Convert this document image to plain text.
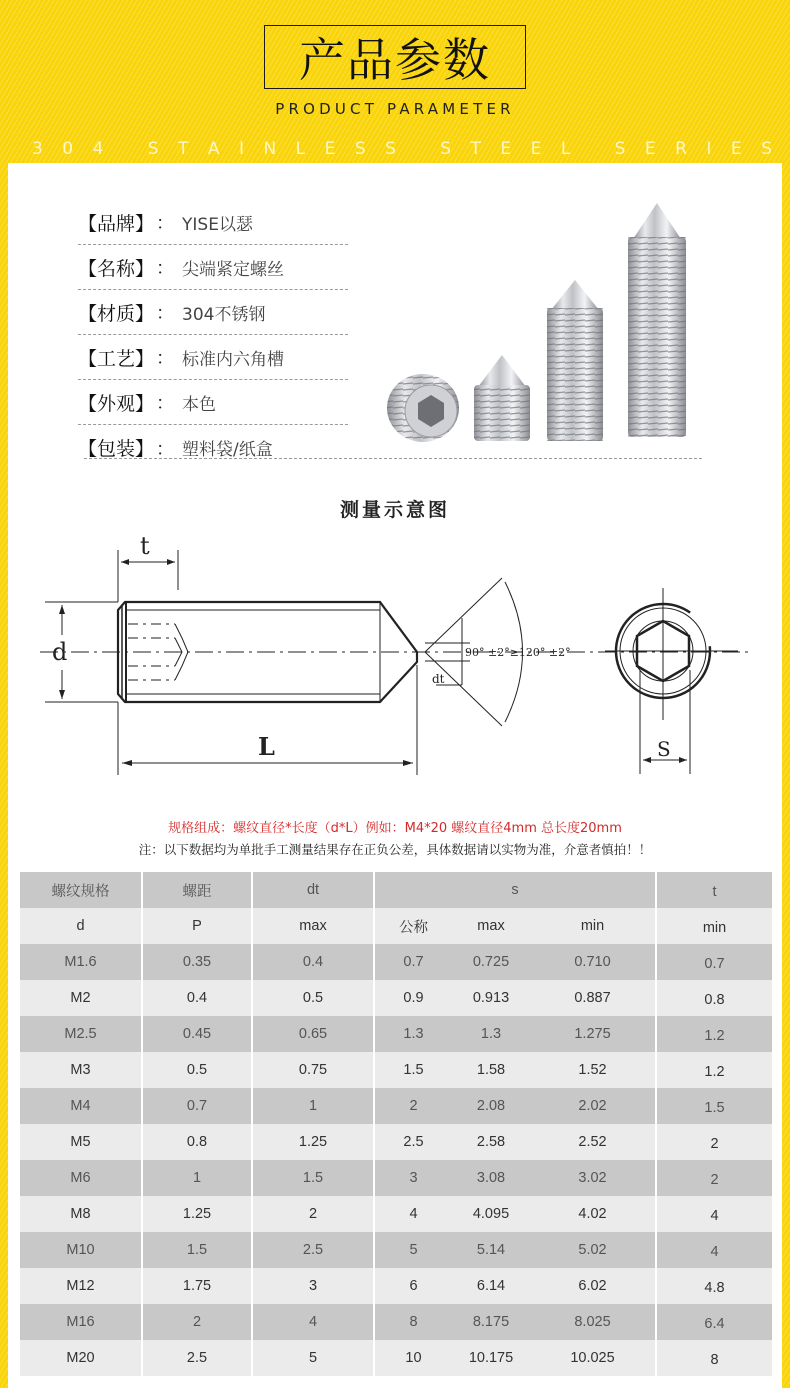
产品参数
PRODUCT PARAMETER
3 0 4
	S T A I N L E S S
	S T E E L
	S E R I E S
【品牌】 ： YISE以瑟
【名称】 ： 尖端紧定螺丝
【材质】 ： 304不锈钢
【工艺】 ： 标准内六角槽
【外观】 ： 本色
【包装】 ： 塑料袋/纸盒
测量示意图
t
d
L
dt
90° ±2°≥120° ±2°
S
规格组成：螺纹直径*长度（d*L）例如：M4*20 螺纹直径4mm 总长度20mm
注：以下数据均为单批手工测量结果存在正负公差，具体数据请以实物为准，介意者慎拍！！
螺纹规格	螺距	dt	s			t
d	P	max	公称	max	min	min
M1.6	0.35	0.4	0.7	0.725	0.710	0.7
M2	0.4	0.5	0.9	0.913	0.887	0.8
M2.5	0.45	0.65	1.3	1.3	1.275	1.2
M3	0.5	0.75	1.5	1.58	1.52	1.2
M4	0.7	1	2	2.08	2.02	1.5
M5	0.8	1.25	2.5	2.58	2.52	2
M6	1	1.5	3	3.08	3.02	2
M8	1.25	2	4	4.095	4.02	4
M10	1.5	2.5	5	5.14	5.02	4
M12	1.75	3	6	6.14	6.02	4.8
M16	2	4	8	8.175	8.025	6.4
M20	2.5	5	10	10.175	10.025	8
